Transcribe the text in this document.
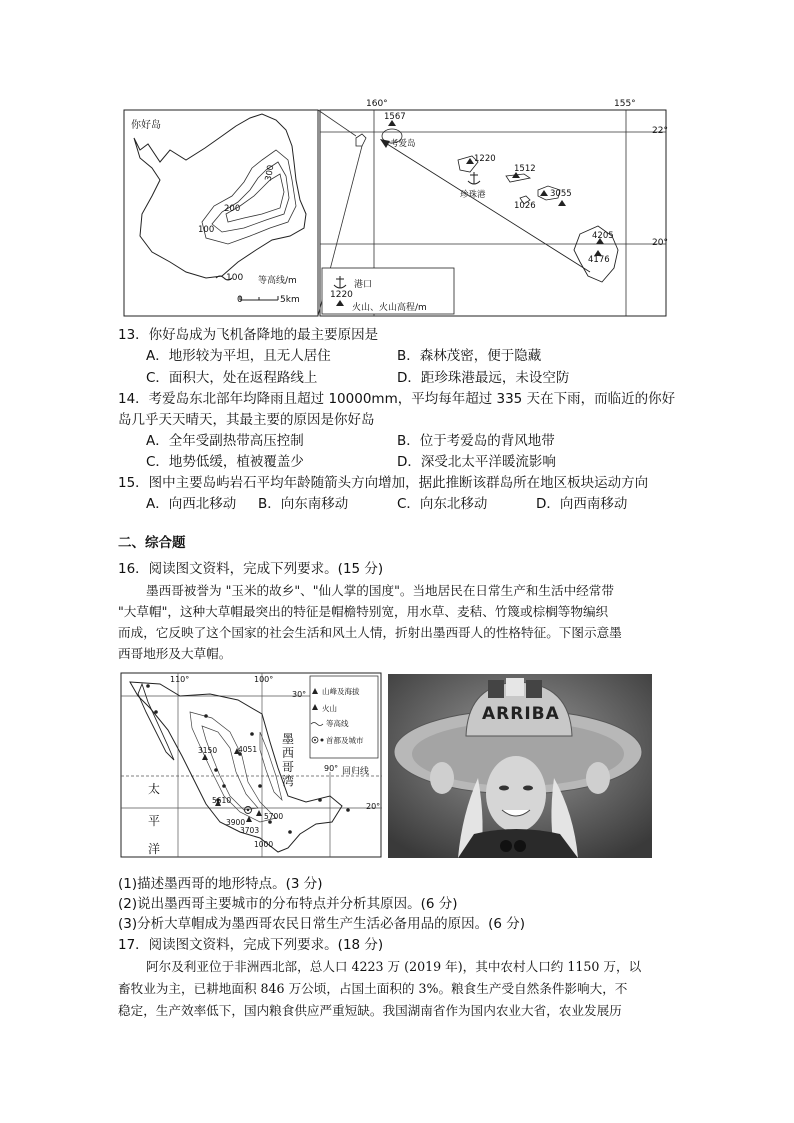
你好岛
300
200
100
100 等高线/m
0	5km
160°	155°
22°
20°
1567
考爱岛
1220
1512
3055
1026
4205
4176
珍珠港
港口
1220
火山、火山高程/m
13．你好岛成为飞机备降地的最主要原因是
A．地形较为平坦，且无人居住	B．森林茂密，便于隐藏
C．面积大，处在返程路线上	D．距珍珠港最远，未设空防
14．考爱岛东北部年均降雨且超过 10000mm，平均每年超过 335 天在下雨，而临近的你好
岛几乎天天晴天，其最主要的原因是你好岛
A．全年受副热带高压控制	B．位于考爱岛的背风地带
C．地势低缓，植被覆盖少	D．深受北太平洋暖流影响
15．图中主要岛屿岩石平均年龄随箭头方向增加，据此推断该群岛所在地区板块运动方向
A．向西北移动 B．向东南移动	C．向东北移动	D．向西南移动
二、综合题
16．阅读图文资料，完成下列要求。(15 分)
墨西哥被誉为 "玉米的故乡"、"仙人掌的国度"。当地居民在日常生产和生活中经常带
"大草帽"，这种大草帽最突出的特征是帽檐特别宽，用水草、麦秸、竹篾或棕榈等物编织
而成，它反映了这个国家的社会生活和风土人情，折射出墨西哥人的性格特征。下图示意墨
西哥地形及大草帽。
110°	100°
90°
30°
20°
3150	4051
5610
5700
3900
3703
1000
墨
西
哥
湾
回归线
太
平
洋
山峰及海拔
火山
等高线
首都及城市
ARRIBA
(1)描述墨西哥的地形特点。(3 分)
(2)说出墨西哥主要城市的分布特点并分析其原因。(6 分)
(3)分析大草帽成为墨西哥农民日常生产生活必备用品的原因。(6 分)
17．阅读图文资料，完成下列要求。(18 分)
阿尔及利亚位于非洲西北部，总人口 4223 万 (2019 年)，其中农村人口约 1150 万，以
畜牧业为主，已耕地面积 846 万公顷，占国土面积的 3%。粮食生产受自然条件影响大，不
稳定，生产效率低下，国内粮食供应严重短缺。我国湖南省作为国内农业大省，农业发展历
